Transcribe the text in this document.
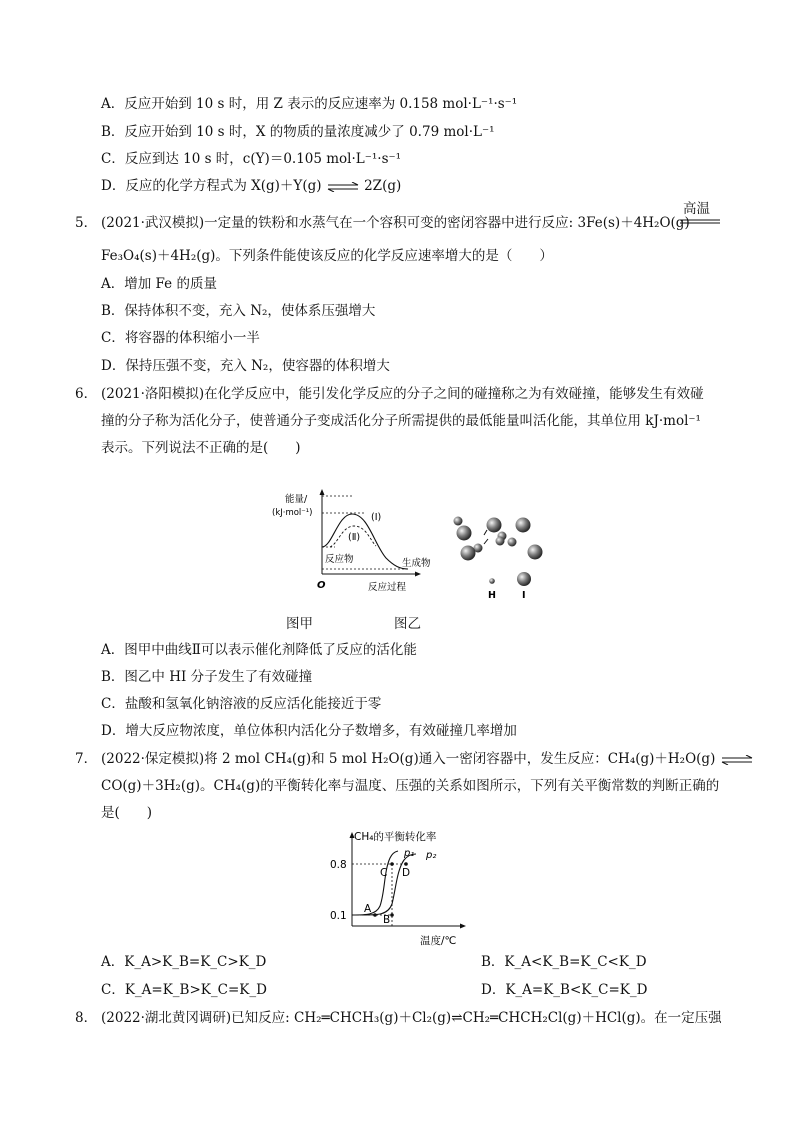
A．反应开始到 10 s 时，用 Z 表示的反应速率为 0.158 mol·L⁻¹·s⁻¹
B．反应开始到 10 s 时，X 的物质的量浓度减少了 0.79 mol·L⁻¹
C．反应到达 10 s 时，c(Y)＝0.105 mol·L⁻¹·s⁻¹
D．反应的化学方程式为 X(g)＋Y(g) ⇌ 2Z(g)
5． (2021·武汉模拟)一定量的铁粉和水蒸气在一个容积可变的密闭容器中进行反应: 3Fe(s)＋4H₂O(g)
高温
Fe₃O₄(s)＋4H₂(g)。下列条件能使该反应的化学反应速率增大的是（　　）
A．增加 Fe 的质量
B．保持体积不变，充入 N₂，使体系压强增大
C．将容器的体积缩小一半
D．保持压强不变，充入 N₂，使容器的体积增大
6． (2021·洛阳模拟)在化学反应中，能引发化学反应的分子之间的碰撞称之为有效碰撞，能够发生有效碰
撞的分子称为活化分子，使普通分子变成活化分子所需提供的最低能量叫活化能，其单位用 kJ·mol⁻¹
表示。下列说法不正确的是(　　)
能量/
(kJ·mol⁻¹)	(Ⅰ)
(Ⅱ)
反应物	生成物
O	反应过程
H	I
图甲	图乙
A．图甲中曲线Ⅱ可以表示催化剂降低了反应的活化能
B．图乙中 HI 分子发生了有效碰撞
C．盐酸和氢氧化钠溶液的反应活化能接近于零
D．增大反应物浓度，单位体积内活化分子数增多，有效碰撞几率增加
7． (2022·保定模拟)将 2 mol CH₄(g)和 5 mol H₂O(g)通入一密闭容器中，发生反应：CH₄(g)＋H₂O(g) ⇌
CO(g)＋3H₂(g)。CH₄(g)的平衡转化率与温度、压强的关系如图所示，下列有关平衡常数的判断正确的
是(　　)
CH₄的平衡转化率
温度/℃
0.8
0.1
A
B
C D
p₁ p₂
A．K_A>K_B=K_C>K_D	B．K_A<K_B=K_C<K_D
C．K_A=K_B>K_C=K_D	D．K_A=K_B<K_C=K_D
8． (2022·湖北黄冈调研)已知反应: CH₂═CHCH₃(g)＋Cl₂(g)⇌CH₂═CHCH₂Cl(g)＋HCl(g)。在一定压强
